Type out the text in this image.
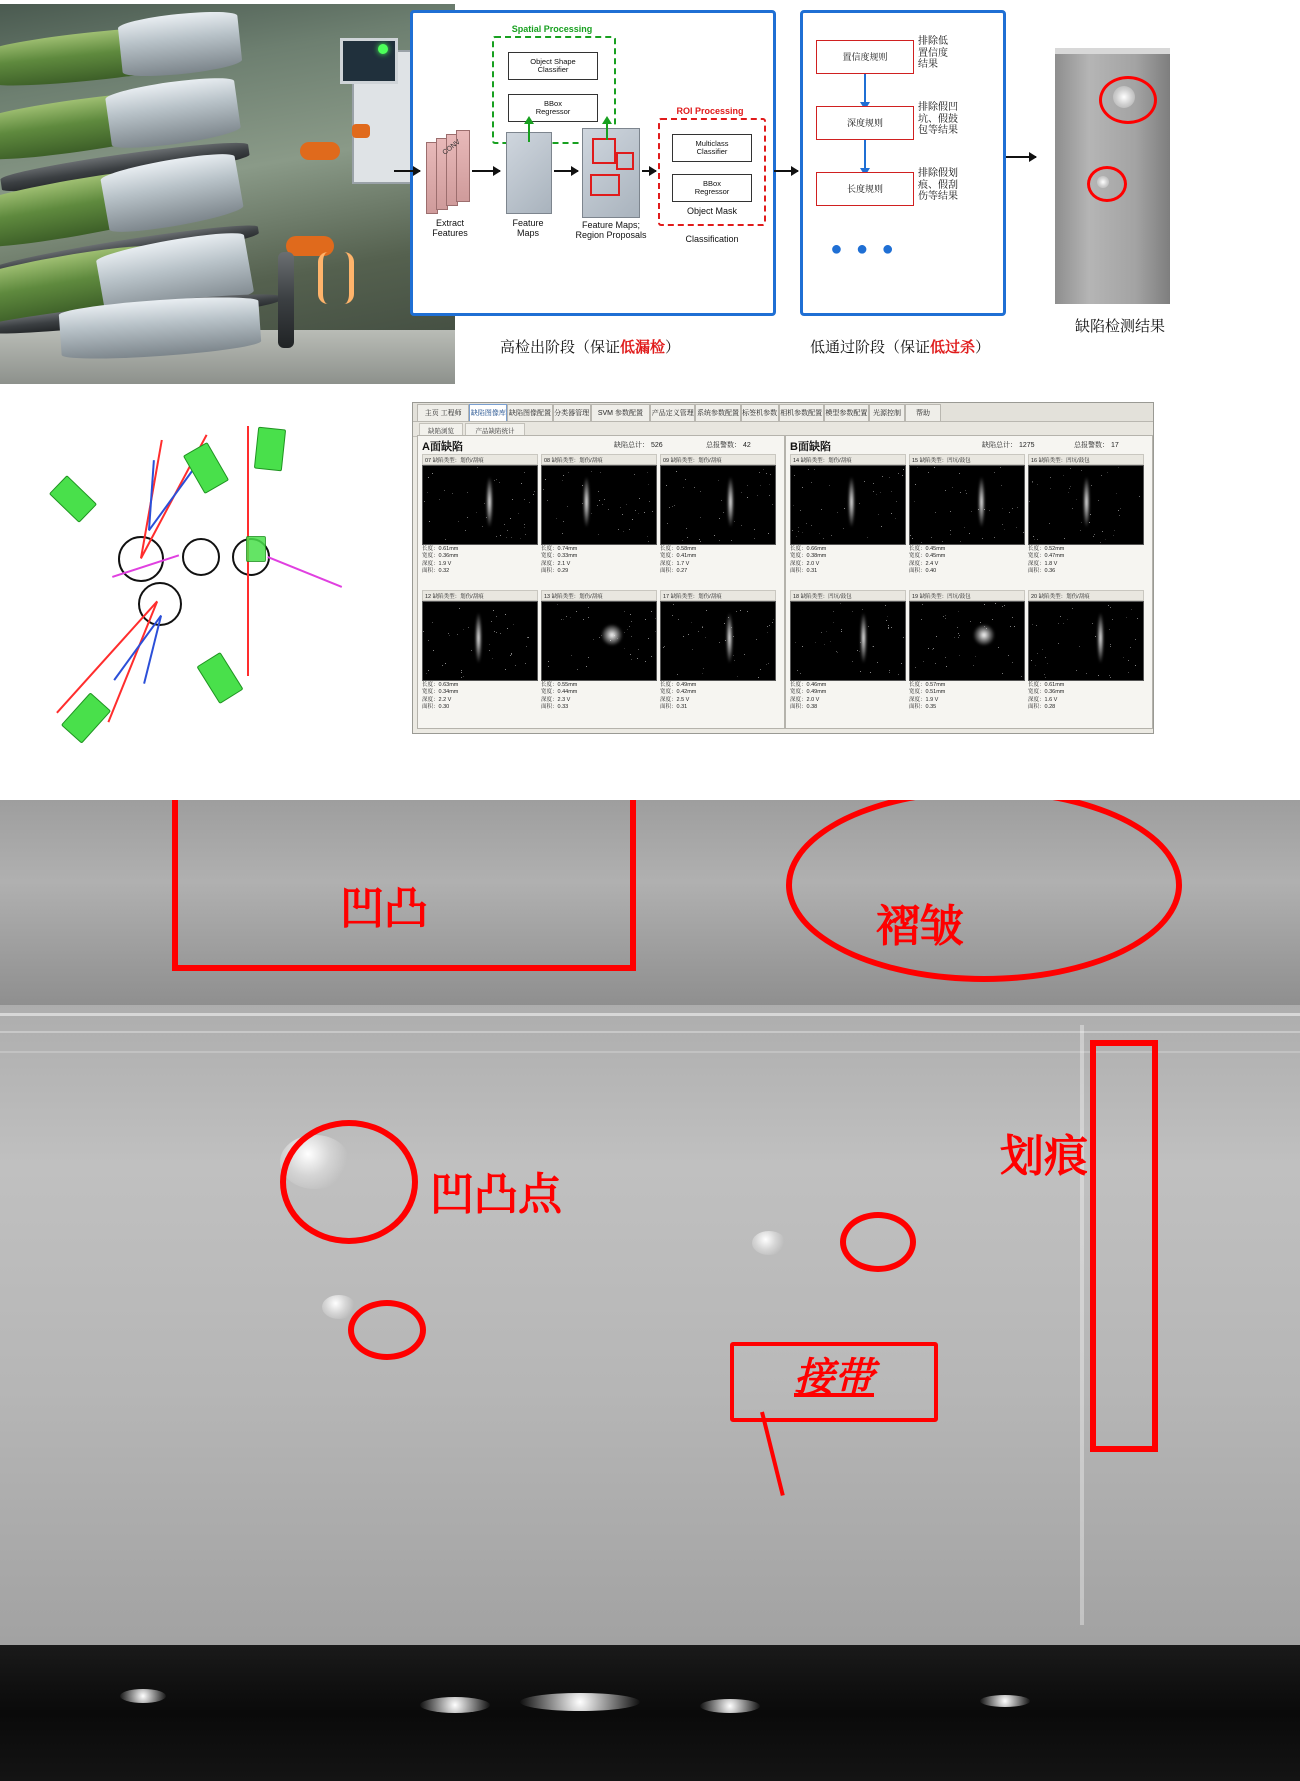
Spatial Processing
Object Shape
Classifier
BBox
Regressor	ROI Processing
Multiclass
Classifier
BBox
Regressor
CONV
Extract
Features
Feature
Maps
Feature Maps;
Region Proposals
Object Mask
Classification
置信度规则
排除低
置信度
结果
深度规则
排除假凹
坑、假鼓
包等结果
长度规则
排除假划
痕、假刮
伤等结果
● ● ●
高检出阶段（保证低漏检）	低通过阶段（保证低过杀）
缺陷检测结果
主页 工程师	缺陷图像库 缺陷图像配置 分类器管理	SVM 参数配置	产品定义管理 系统参数配置 标签机参数 相机参数配置 模型参数配置 光源控制	帮助
缺陷浏览	产品缺陷统计
A面缺陷	缺陷总计： 526	总报警数： 42
07 缺陷类型：划伤/刮痕
长度：0.61mm
宽度：0.36mm
深度：1.9 V
面积：0.32
08 缺陷类型：划伤/刮痕
长度：0.74mm
宽度：0.33mm
深度：2.1 V
面积：0.29
09 缺陷类型：划伤/刮痕
长度：0.58mm
宽度：0.41mm
深度：1.7 V
面积：0.27
12 缺陷类型：划伤/刮痕
长度：0.63mm
宽度：0.34mm
深度：2.2 V
面积：0.30
13 缺陷类型：划伤/刮痕
长度：0.55mm
宽度：0.44mm
深度：2.3 V
面积：0.33
17 缺陷类型：划伤/刮痕
长度：0.49mm
宽度：0.42mm
深度：2.5 V
面积：0.31
B面缺陷	缺陷总计： 1275	总报警数： 17
14 缺陷类型：划伤/刮痕
长度：0.66mm
宽度：0.38mm
深度：2.0 V
面积：0.31
15 缺陷类型：凹坑/鼓包
长度：0.45mm
宽度：0.45mm
深度：2.4 V
面积：0.40
16 缺陷类型：凹坑/鼓包
长度：0.52mm
宽度：0.47mm
深度：1.8 V
面积：0.36
18 缺陷类型：凹坑/鼓包
长度：0.46mm
宽度：0.49mm
深度：2.0 V
面积：0.38
19 缺陷类型：凹坑/鼓包
长度：0.57mm
宽度：0.51mm
深度：1.9 V
面积：0.35
20 缺陷类型：划伤/刮痕
长度：0.61mm
宽度：0.36mm
深度：1.6 V
面积：0.28
凹凸	褶皱
凹凸点
划痕
接带
